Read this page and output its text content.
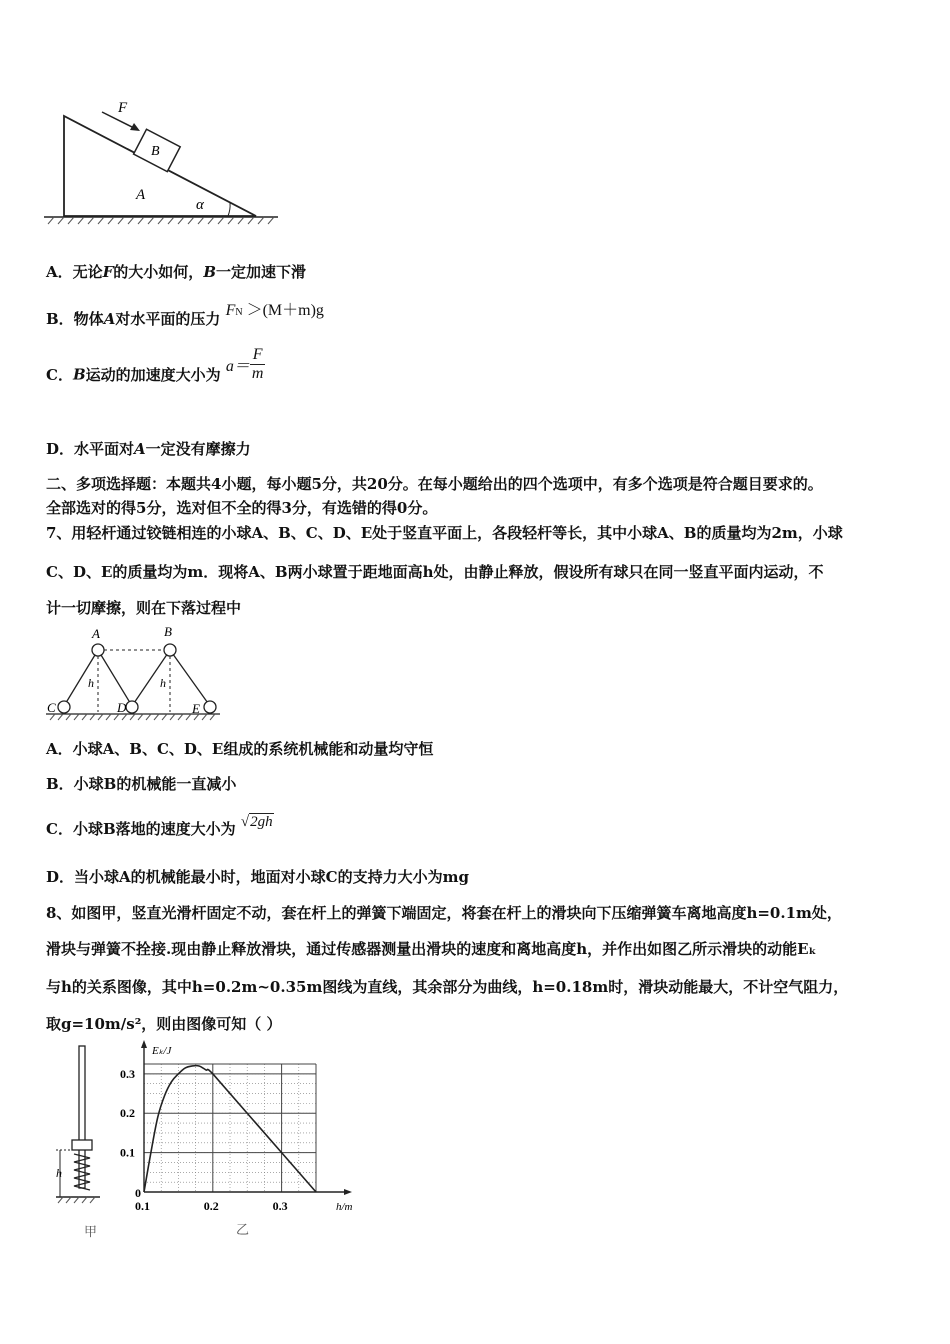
F
B
A
α
A．无论F的大小如何，B一定加速下滑
B．物体A对水平面的压力 FN ＞(M＋m)g
C．B运动的加速度大小为 $a= \frac{F}{m}$
D．水平面对A一定没有摩擦力
二、多项选择题：本题共4小题，每小题5分，共20分。在每小题给出的四个选项中，有多个选项是符合题目要求的。
全部选对的得5分，选对但不全的得3分，有选错的得0分。
7、用轻杆通过铰链相连的小球A、B、C、D、E处于竖直平面上，各段轻杆等长，其中小球A、B的质量均为2m，小球
C、D、E的质量均为m．现将A、B两小球置于距地面高h处，由静止释放，假设所有球只在同一竖直平面内运动，不
计一切摩擦，则在下落过程中
A	B
C	D	E
h	h
A．小球A、B、C、D、E组成的系统机械能和动量均守恒
B．小球B的机械能一直减小
C．小球B落地的速度大小为 √2gh
D．当小球A的机械能最小时，地面对小球C的支持力大小为mg
8、如图甲，竖直光滑杆固定不动，套在杆上的弹簧下端固定，将套在杆上的滑块向下压缩弹簧车离地高度h=0.1m处，
滑块与弹簧不拴接.现由静止释放滑块，通过传感器测量出滑块的速度和离地高度h，并作出如图乙所示滑块的动能Eₖ
与h的关系图像，其中h=0.2m~0.35m图线为直线，其余部分为曲线，h=0.18m时，滑块动能最大，不计空气阻力，
取g=10m/s²，则由图像可知（ ）
h
甲
0.1	0.2	0.3
0.1
0.2
0.3
0
Eₖ/J
h/m
乙
